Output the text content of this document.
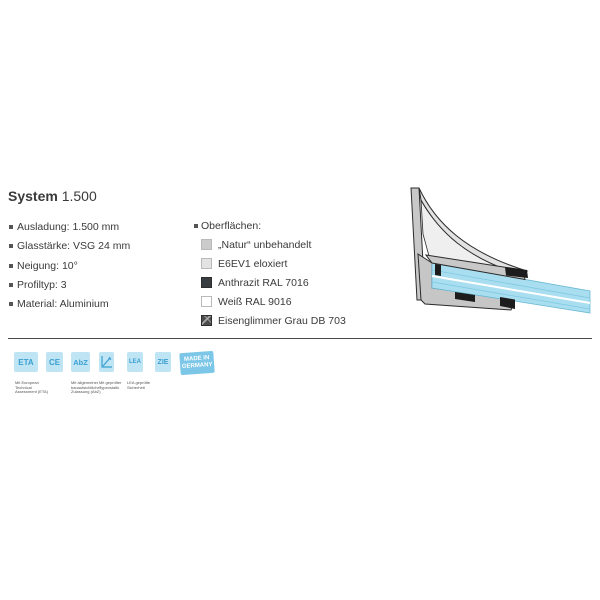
System 1.500
Ausladung: 1.500 mm
Glasstärke: VSG 24 mm
Neigung: 10°
Profiltyp: 3
Material: Aluminium
Oberflächen:
„Natur“ unbehandelt
E6EV1 eloxiert
Anthrazit RAL 7016
Weiß RAL 9016
Eisenglimmer Grau DB 703
ETA CE AbZ	LEA ZIE	MADE IN
GERMANY
Mit European
Technical
Assessment (ETA)
Mit allgemeiner
bauaufsichtlicher
Zulassung (AbZ)
Mit geprüfter
Typenstatik
LEA geprüfte
Sicherheit
